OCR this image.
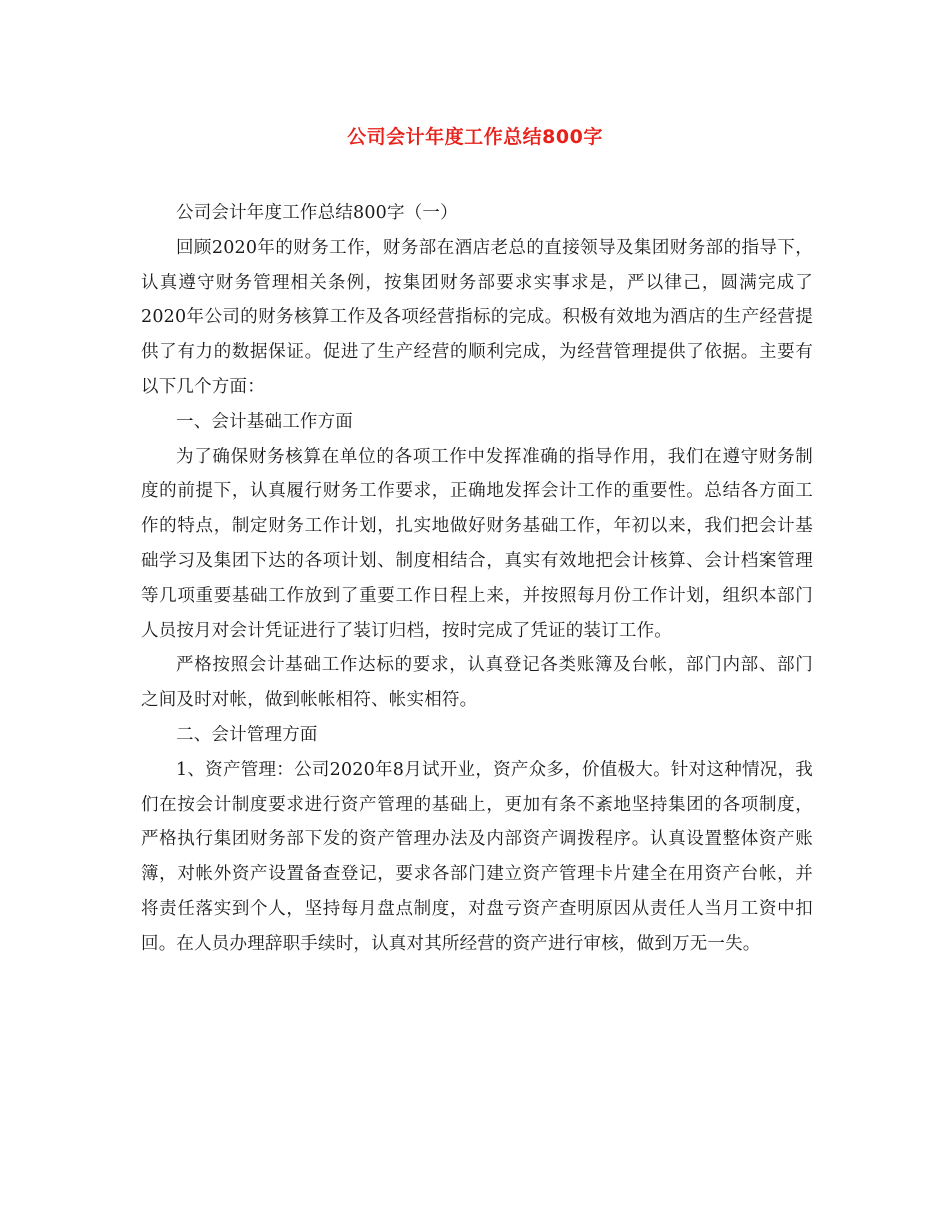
公司会计年度工作总结800字

公司会计年度工作总结800字（一）

回顾2020年的财务工作，财务部在酒店老总的直接领导及集团财务部的指导下，认真遵守财务管理相关条例，按集团财务部要求实事求是，严以律己，圆满完成了2020年公司的财务核算工作及各项经营指标的完成。积极有效地为酒店的生产经营提供了有力的数据保证。促进了生产经营的顺利完成，为经营管理提供了依据。主要有以下几个方面：

一、会计基础工作方面

为了确保财务核算在单位的各项工作中发挥准确的指导作用，我们在遵守财务制度的前提下，认真履行财务工作要求，正确地发挥会计工作的重要性。总结各方面工作的特点，制定财务工作计划，扎实地做好财务基础工作，年初以来，我们把会计基础学习及集团下达的各项计划、制度相结合，真实有效地把会计核算、会计档案管理等几项重要基础工作放到了重要工作日程上来，并按照每月份工作计划，组织本部门人员按月对会计凭证进行了装订归档，按时完成了凭证的装订工作。

严格按照会计基础工作达标的要求，认真登记各类账簿及台帐，部门内部、部门之间及时对帐，做到帐帐相符、帐实相符。

二、会计管理方面

1、资产管理：公司2020年8月试开业，资产众多，价值极大。针对这种情况，我们在按会计制度要求进行资产管理的基础上，更加有条不紊地坚持集团的各项制度，严格执行集团财务部下发的资产管理办法及内部资产调拨程序。认真设置整体资产账簿，对帐外资产设置备查登记，要求各部门建立资产管理卡片建全在用资产台帐，并将责任落实到个人，坚持每月盘点制度，对盘亏资产查明原因从责任人当月工资中扣回。在人员办理辞职手续时，认真对其所经营的资产进行审核，做到万无一失。
